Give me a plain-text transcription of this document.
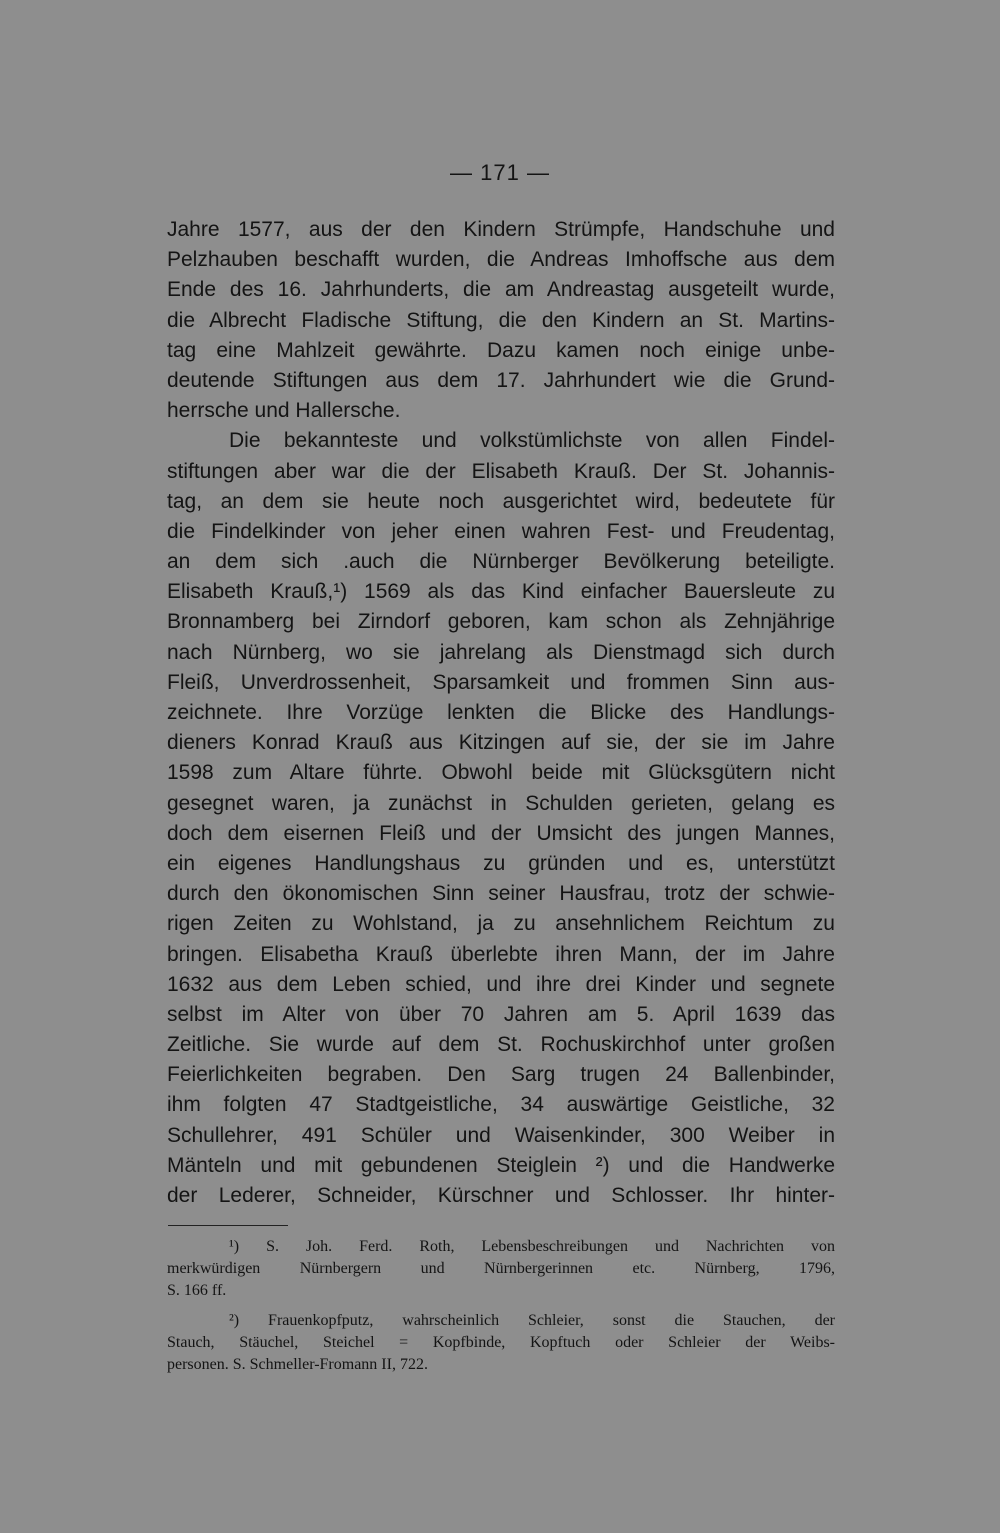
— 171 —
Jahre 1577, aus der den Kindern Strümpfe, Handschuhe und
Pelzhauben beschafft wurden, die Andreas Imhoffsche aus dem
Ende des 16. Jahrhunderts, die am Andreastag ausgeteilt wurde,
die Albrecht Fladische Stiftung, die den Kindern an St. Martins-
tag eine Mahlzeit gewährte. Dazu kamen noch einige unbe-
deutende Stiftungen aus dem 17. Jahrhundert wie die Grund-
herrsche und Hallersche.
Die bekannteste und volkstümlichste von allen Findel-
stiftungen aber war die der Elisabeth Krauß. Der St. Johannis-
tag, an dem sie heute noch ausgerichtet wird, bedeutete für
die Findelkinder von jeher einen wahren Fest- und Freudentag,
an dem sich .auch die Nürnberger Bevölkerung beteiligte.
Elisabeth Krauß,¹) 1569 als das Kind einfacher Bauersleute zu
Bronnamberg bei Zirndorf geboren, kam schon als Zehnjährige
nach Nürnberg, wo sie jahrelang als Dienstmagd sich durch
Fleiß, Unverdrossenheit, Sparsamkeit und frommen Sinn aus-
zeichnete. Ihre Vorzüge lenkten die Blicke des Handlungs-
dieners Konrad Krauß aus Kitzingen auf sie, der sie im Jahre
1598 zum Altare führte. Obwohl beide mit Glücksgütern nicht
gesegnet waren, ja zunächst in Schulden gerieten, gelang es
doch dem eisernen Fleiß und der Umsicht des jungen Mannes,
ein eigenes Handlungshaus zu gründen und es, unterstützt
durch den ökonomischen Sinn seiner Hausfrau, trotz der schwie-
rigen Zeiten zu Wohlstand, ja zu ansehnlichem Reichtum zu
bringen. Elisabetha Krauß überlebte ihren Mann, der im Jahre
1632 aus dem Leben schied, und ihre drei Kinder und segnete
selbst im Alter von über 70 Jahren am 5. April 1639 das
Zeitliche. Sie wurde auf dem St. Rochuskirchhof unter großen
Feierlichkeiten begraben. Den Sarg trugen 24 Ballenbinder,
ihm folgten 47 Stadtgeistliche, 34 auswärtige Geistliche, 32
Schullehrer, 491 Schüler und Waisenkinder, 300 Weiber in
Mänteln und mit gebundenen Steiglein ²) und die Handwerke
der Lederer, Schneider, Kürschner und Schlosser. Ihr hinter-
¹) S. Joh. Ferd. Roth, Lebensbeschreibungen und Nachrichten von
merkwürdigen Nürnbergern und Nürnbergerinnen etc. Nürnberg, 1796,
S. 166 ff.
²) Frauenkopfputz, wahrscheinlich Schleier, sonst die Stauchen, der
Stauch, Stäuchel, Steichel = Kopfbinde, Kopftuch oder Schleier der Weibs-
personen. S. Schmeller-Fromann II, 722.
